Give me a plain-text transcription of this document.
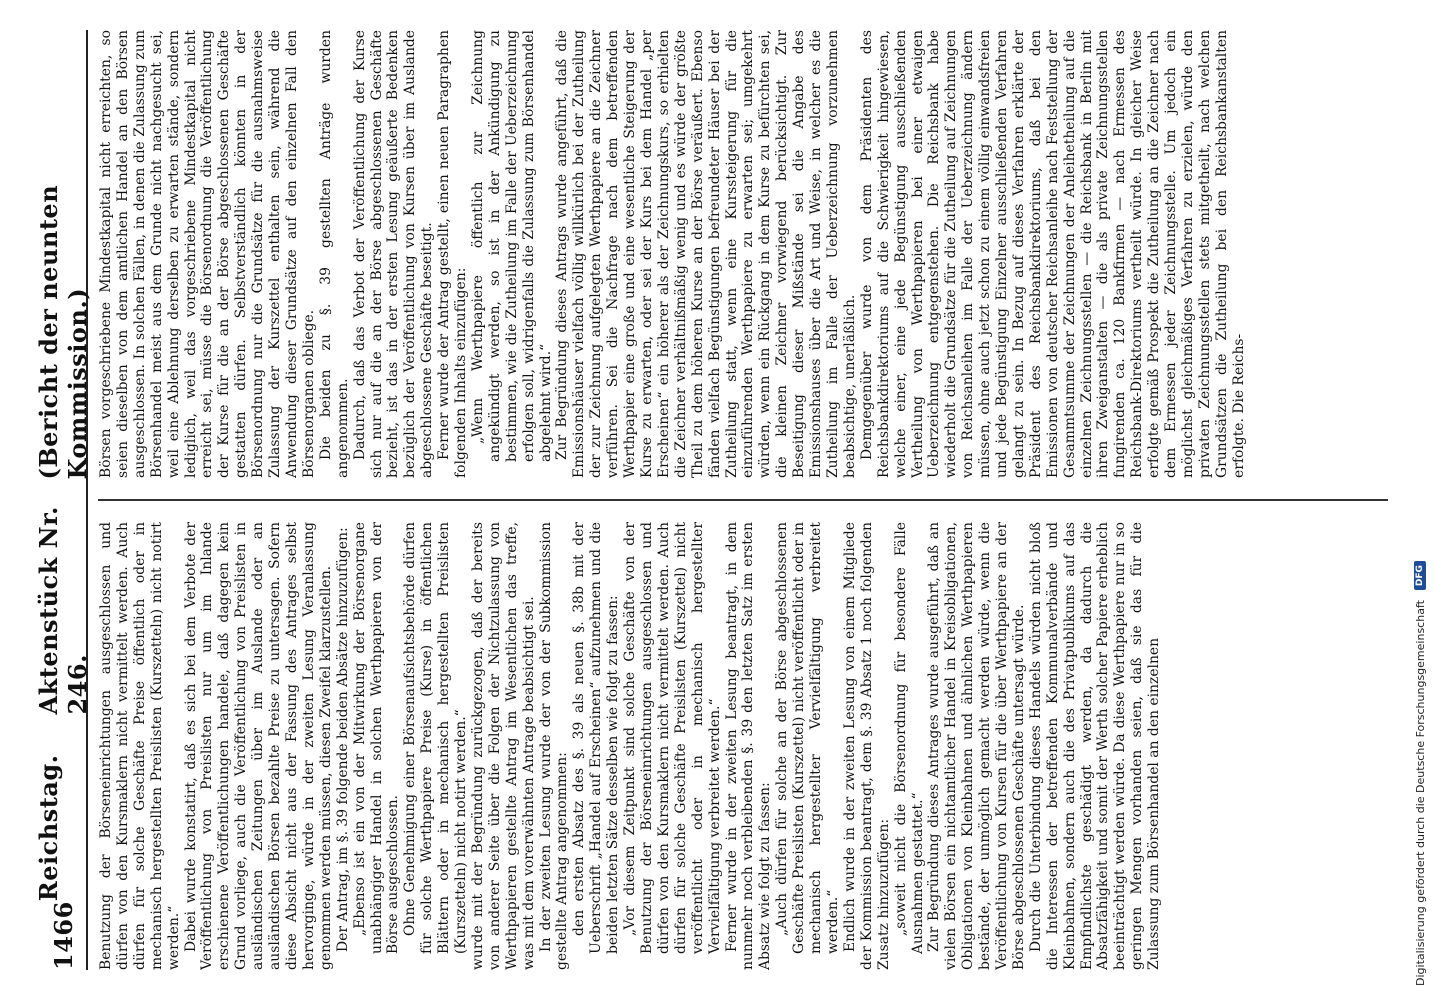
1466
Reichstag.
Aktenstück Nr. 246.
(Bericht der neunten Kommission.)

Benutzung der Börseneinrichtungen ausgeschlossen und dürfen von den Kursmaklern nicht vermittelt werden. Auch dürfen für solche Geschäfte Preise öffentlich oder in mechanisch hergestellten Preislisten (Kurszetteln) nicht notirt werden.“ Dabei wurde konstatirt, daß es sich bei dem Verbote der Veröffentlichung von Preislisten nur um im Inlande erschienene Veröffentlichungen handele, daß dagegen kein Grund vorliege, auch die Veröffentlichung von Preislisten in ausländischen Zeitungen über im Auslande oder an ausländischen Börsen bezahlte Preise zu untersagen. Sofern diese Absicht nicht aus der Fassung des Antrages selbst hervorginge, würde in der zweiten Lesung Veranlassung genommen werden müssen, diesen Zweifel klarzustellen. Der Antrag, im §. 39 folgende beiden Absätze hinzuzufügen: „Ebenso ist ein von der Mitwirkung der Börsenorgane unabhängiger Handel in solchen Werthpapieren von der Börse ausgeschlossen. Ohne Genehmigung einer Börsenaufsichtsbehörde dürfen für solche Werthpapiere Preise (Kurse) in öffentlichen Blättern oder in mechanisch hergestellten Preislisten (Kurszetteln) nicht notirt werden.“ wurde mit der Begründung zurückgezogen, daß der bereits von anderer Seite über die Folgen der Nichtzulassung von Werthpapieren gestellte Antrag im Wesentlichen das treffe, was mit dem vorerwähnten Antrage beabsichtigt sei. In der zweiten Lesung wurde der von der Subkommission gestellte Antrag angenommen: den ersten Absatz des §. 39 als neuen §. 38b mit der Ueberschrift „Handel auf Erscheinen“ aufzunehmen und die beiden letzten Sätze desselben wie folgt zu fassen: „Vor diesem Zeitpunkt sind solche Geschäfte von der Benutzung der Börseneinrichtungen ausgeschlossen und dürfen von den Kursmaklern nicht vermittelt werden. Auch dürfen für solche Geschäfte Preislisten (Kurszettel) nicht veröffentlicht oder in mechanisch hergestellter Vervielfältigung verbreitet werden.“ Ferner wurde in der zweiten Lesung beantragt, in dem nunmehr noch verbleibenden §. 39 den letzten Satz im ersten Absatz wie folgt zu fassen: „Auch dürfen für solche an der Börse abgeschlossenen Geschäfte Preislisten (Kurszettel) nicht veröffentlicht oder in mechanisch hergestellter Vervielfältigung verbreitet werden.“ Endlich wurde in der zweiten Lesung von einem Mitgliede der Kommission beantragt, dem §. 39 Absatz 1 noch folgenden Zusatz hinzuzufügen: „soweit nicht die Börsenordnung für besondere Fälle Ausnahmen gestattet.“ Zur Begründung dieses Antrages wurde ausgeführt, daß an vielen Börsen ein nichtamtlicher Handel in Kreisobligationen, Obligationen von Kleinbahnen und ähnlichen Werthpapieren bestände, der unmöglich gemacht werden würde, wenn die Veröffentlichung von Kursen für die über Werthpapiere an der Börse abgeschlossenen Geschäfte untersagt würde. Durch die Unterbindung dieses Handels würden nicht bloß die Interessen der betreffenden Kommunalverbände und Kleinbahnen, sondern auch die des Privatpublikums auf das Empfindlichste geschädigt werden, da dadurch die Absatzfähigkeit und somit der Werth solcher Papiere erheblich beeinträchtigt werden würde. Da diese Werthpapiere nur in so geringen Mengen vorhanden seien, daß sie das für die Zulassung zum Börsenhandel an den einzelnen

Börsen vorgeschriebene Mindestkapital nicht erreichten, so seien dieselben von dem amtlichen Handel an den Börsen ausgeschlossen. In solchen Fällen, in denen die Zulassung zum Börsenhandel meist aus dem Grunde nicht nachgesucht sei, weil eine Ablehnung derselben zu erwarten stände, sondern lediglich, weil das vorgeschriebene Mindestkapital nicht erreicht sei, müsse die Börsenordnung die Veröffentlichung der Kurse für die an der Börse abgeschlossenen Geschäfte gestatten dürfen. Selbstverständlich könnten in der Börsenordnung nur die Grundsätze für die ausnahmsweise Zulassung der Kurszettel enthalten sein, während die Anwendung dieser Grundsätze auf den einzelnen Fall den Börsenorganen obliege. Die beiden zu §. 39 gestellten Anträge wurden angenommen. Dadurch, daß das Verbot der Veröffentlichung der Kurse sich nur auf die an der Börse abgeschlossenen Geschäfte bezieht, ist das in der ersten Lesung geäußerte Bedenken bezüglich der Veröffentlichung von Kursen über im Auslande abgeschlossene Geschäfte beseitigt. Ferner wurde der Antrag gestellt, einen neuen Paragraphen folgenden Inhalts einzufügen: „Wenn Werthpapiere öffentlich zur Zeichnung angekündigt werden, so ist in der Ankündigung zu bestimmen, wie die Zutheilung im Falle der Ueberzeichnung erfolgen soll, widrigenfalls die Zulassung zum Börsenhandel abgelehnt wird.“ Zur Begründung dieses Antrags wurde angeführt, daß die Emissionshäuser vielfach völlig willkürlich bei der Zutheilung der zur Zeichnung aufgelegten Werthpapiere an die Zeichner verführen. Sei die Nachfrage nach dem betreffenden Werthpapier eine große und eine wesentliche Steigerung der Kurse zu erwarten, oder sei der Kurs bei dem Handel „per Erscheinen“ ein höherer als der Zeichnungskurs, so erhielten die Zeichner verhältnißmäßig wenig und es würde der größte Theil zu dem höheren Kurse an der Börse veräußert. Ebenso fänden vielfach Begünstigungen befreundeter Häuser bei der Zutheilung statt, wenn eine Kurssteigerung für die einzuführenden Werthpapiere zu erwarten sei; umgekehrt würden, wenn ein Rückgang in dem Kurse zu befürchten sei, die kleinen Zeichner vorwiegend berücksichtigt. Zur Beseitigung dieser Mißstände sei die Angabe des Emissionshauses über die Art und Weise, in welcher es die Zutheilung im Falle der Ueberzeichnung vorzunehmen beabsichtige, unerläßlich. Demgegenüber wurde von dem Präsidenten des Reichsbankdirektoriums auf die Schwierigkeit hingewiesen, welche einer, eine jede Begünstigung ausschließenden Vertheilung von Werthpapieren bei einer etwaigen Ueberzeichnung entgegenstehen. Die Reichsbank habe wiederholt die Grundsätze für die Zutheilung auf Zeichnungen von Reichsanleihen im Falle der Ueberzeichnung ändern müssen, ohne auch jetzt schon zu einem völlig einwandsfreien und jede Begünstigung Einzelner ausschließenden Verfahren gelangt zu sein. In Bezug auf dieses Verfahren erklärte der Präsident des Reichsbankdirektoriums, daß bei den Emissionen von deutscher Reichsanleihe nach Feststellung der Gesammtsumme der Zeichnungen der Anleihetheilung auf die einzelnen Zeichnungsstellen — die Reichsbank in Berlin mit ihren Zweiganstalten — die als private Zeichnungsstellen fungirenden ca. 120 Bankfirmen — nach Ermessen des Reichsbank-Direktoriums vertheilt würde. In gleicher Weise erfolgte gemäß Prospekt die Zutheilung an die Zeichner nach dem Ermessen jeder Zeichnungsstelle. Um jedoch ein möglichst gleichmäßiges Verfahren zu erzielen, würde den privaten Zeichnungsstellen stets mitgetheilt, nach welchen Grundsätzen die Zutheilung bei den Reichsbankanstalten erfolgte. Die Reichs-

Digitalisierung gefördert durch die Deutsche Forschungsgemeinschaft
DFG
